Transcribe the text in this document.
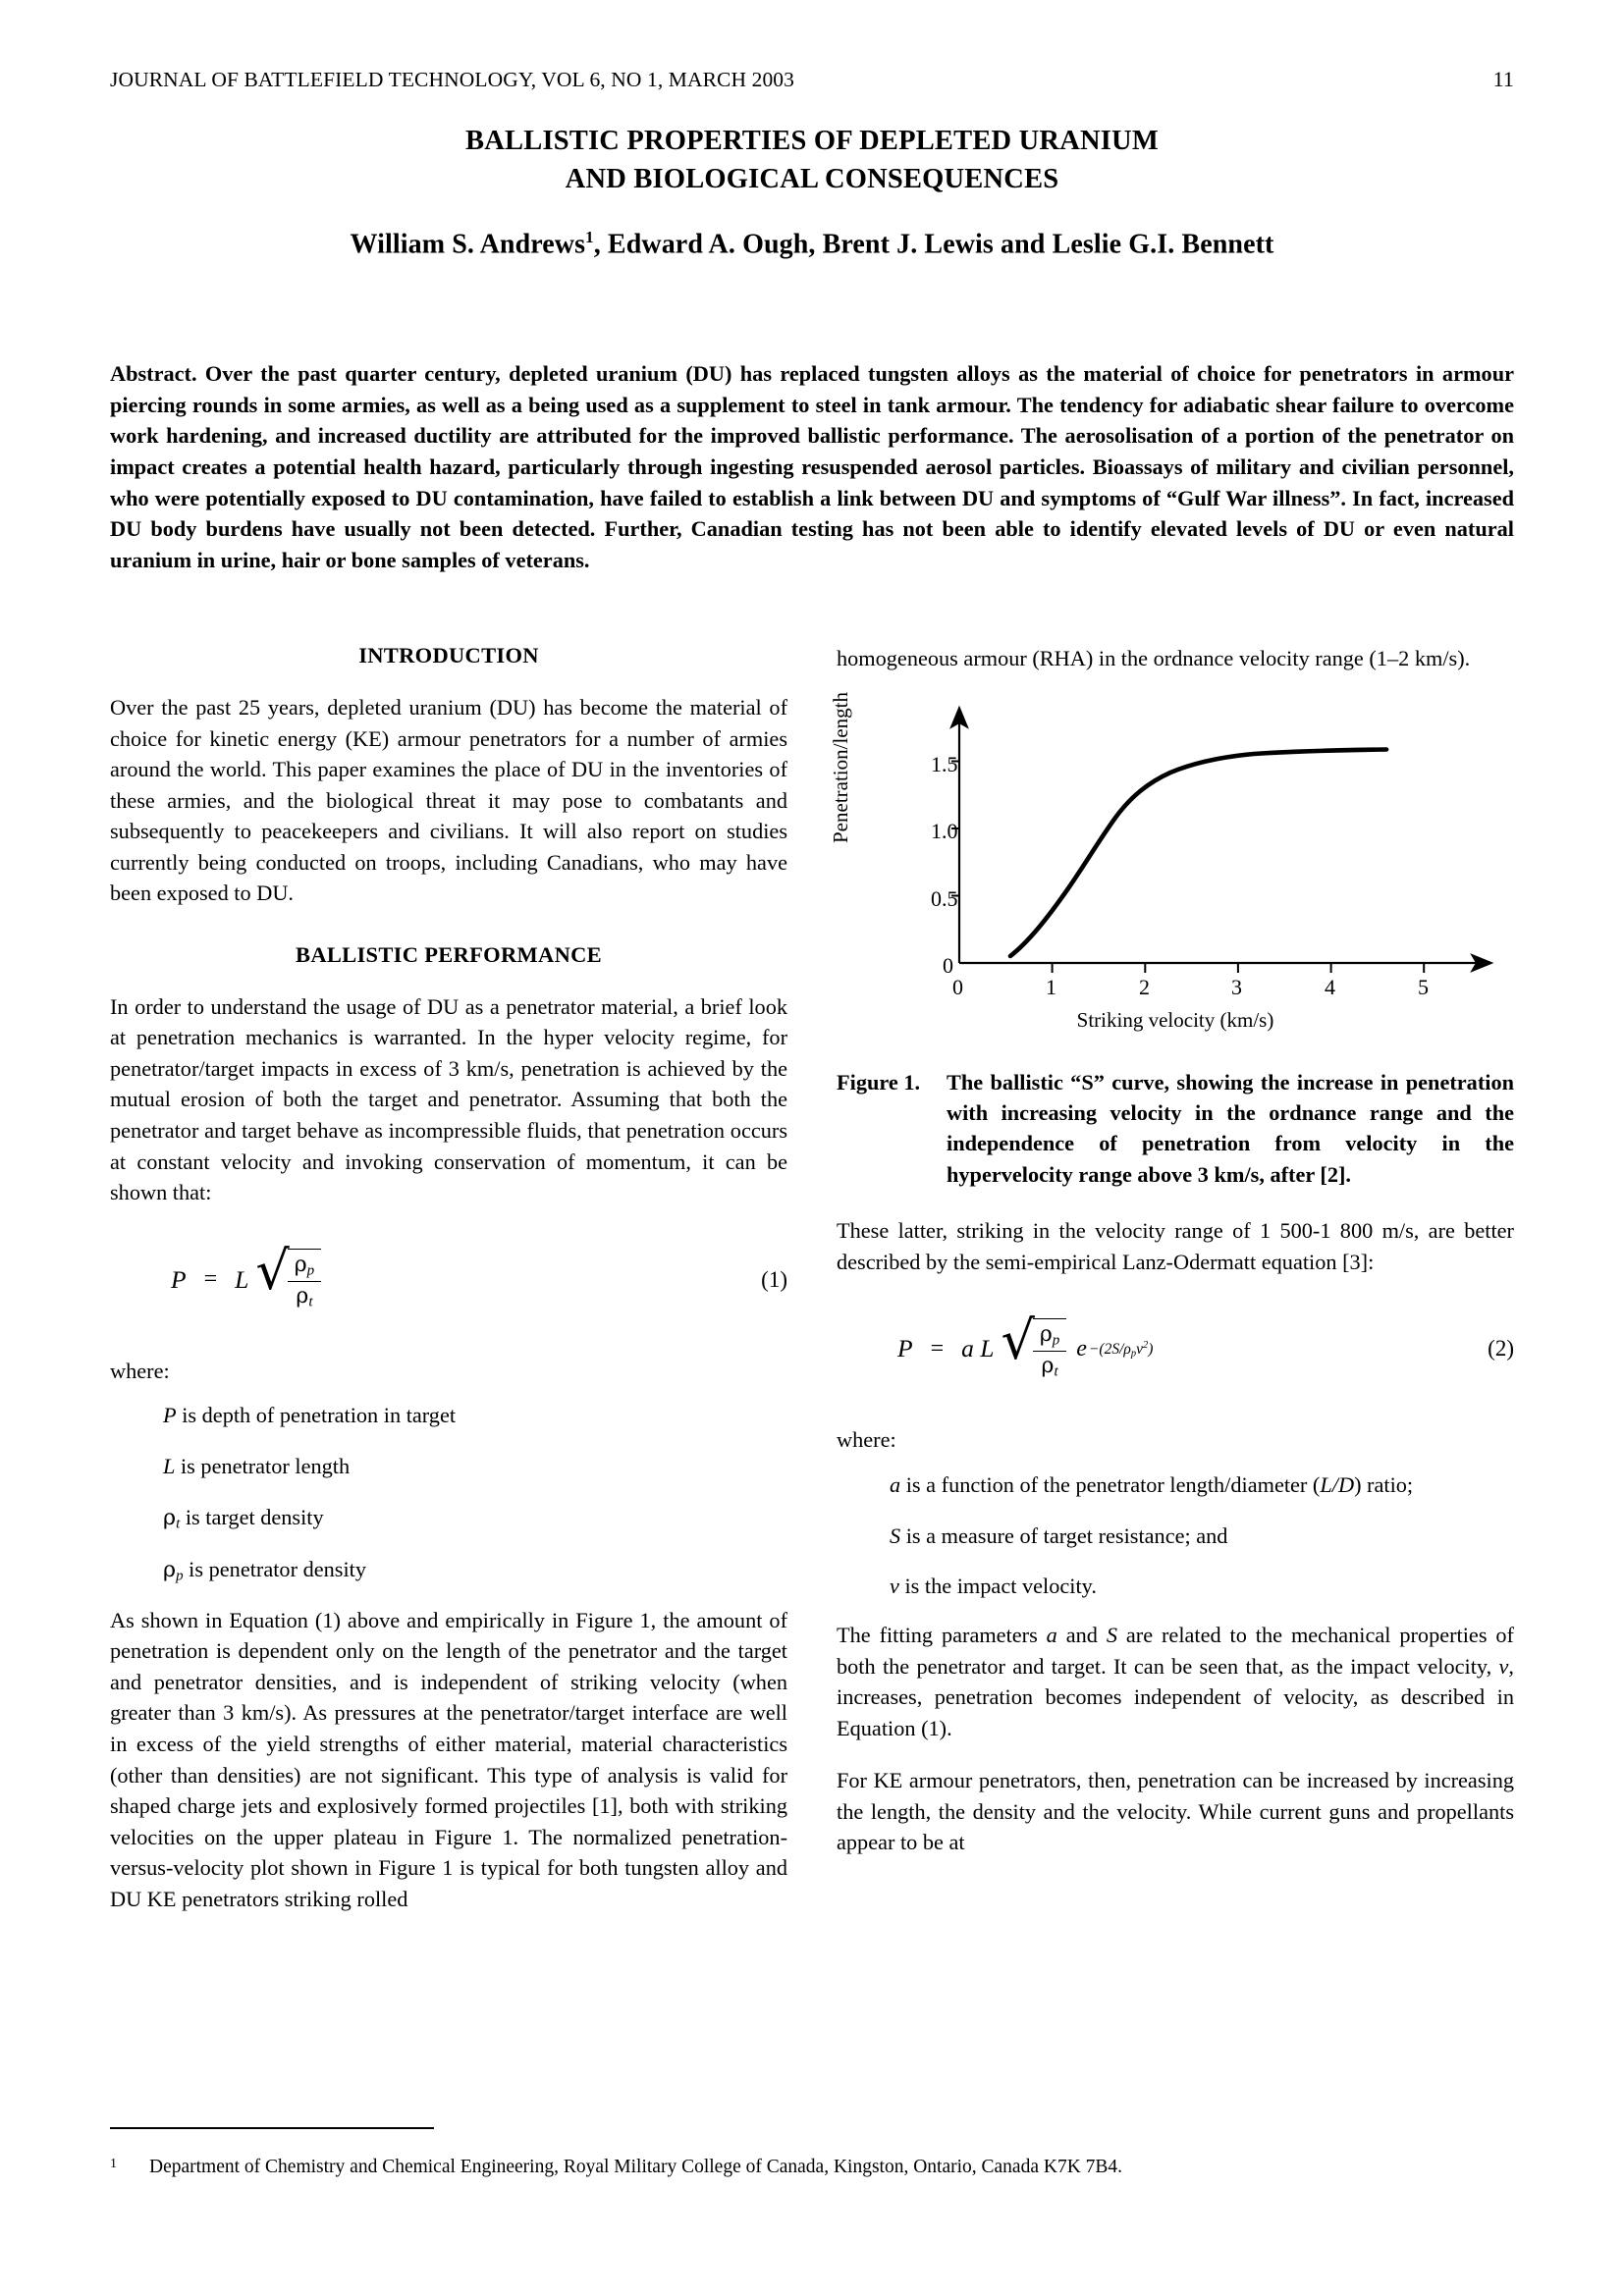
JOURNAL OF BATTLEFIELD TECHNOLOGY, VOL 6, NO 1, MARCH 2003	11
BALLISTIC PROPERTIES OF DEPLETED URANIUM
AND BIOLOGICAL CONSEQUENCES
William S. Andrews$^1$, Edward A. Ough, Brent J. Lewis and Leslie G.I. Bennett
Abstract. Over the past quarter century, depleted uranium (DU) has replaced tungsten alloys as the material of choice for penetrators in armour piercing rounds in some armies, as well as a being used as a supplement to steel in tank armour. The tendency for adiabatic shear failure to overcome work hardening, and increased ductility are attributed for the improved ballistic performance. The aerosolisation of a portion of the penetrator on impact creates a potential health hazard, particularly through ingesting resuspended aerosol particles. Bioassays of military and civilian personnel, who were potentially exposed to DU contamination, have failed to establish a link between DU and symptoms of “Gulf War illness”. In fact, increased DU body burdens have usually not been detected. Further, Canadian testing has not been able to identify elevated levels of DU or even natural uranium in urine, hair or bone samples of veterans.
INTRODUCTION

Over the past 25 years, depleted uranium (DU) has become the material of choice for kinetic energy (KE) armour penetrators for a number of armies around the world. This paper examines the place of DU in the inventories of these armies, and the biological threat it may pose to combatants and subsequently to peacekeepers and civilians. It will also report on studies currently being conducted on troops, including Canadians, who may have been exposed to DU.

BALLISTIC PERFORMANCE

In order to understand the usage of DU as a penetrator material, a brief look at penetration mechanics is warranted. In the hyper velocity regime, for penetrator/target impacts in excess of 3 km/s, penetration is achieved by the mutual erosion of both the target and penetrator. Assuming that both the penetrator and target behave as incompressible fluids, that penetration occurs at constant velocity and invoking conservation of momentum, it can be shown that:

P = L √
$\frac{\rho_p}{\rho_t}$	(1)
where:
P is depth of penetration in target
L is penetrator length
$\rho_t$ is target density
$\rho_p$ is penetrator density

As shown in Equation (1) above and empirically in Figure 1, the amount of penetration is dependent only on the length of the penetrator and the target and penetrator densities, and is independent of striking velocity (when greater than 3 km/s). As pressures at the penetrator/target interface are well in excess of the yield strengths of either material, material characteristics (other than densities) are not significant. This type of analysis is valid for shaped charge jets and explosively formed projectiles [1], both with striking velocities on the upper plateau in Figure 1. The normalized penetration-versus-velocity plot shown in Figure 1 is typical for both tungsten alloy and DU KE penetrators striking rolled

homogeneous armour (RHA) in the ordnance velocity range (1–2 km/s).

Penetration/length	1.5
1.0
0.5
0
0	1	2	3	4	5
Striking velocity (km/s)
Figure 1.	The ballistic “S” curve, showing the increase in penetration with increasing velocity in the ordnance range and the independence of penetration from velocity in the hypervelocity range above 3 km/s, after [2].

These latter, striking in the velocity range of 1 500-1 800 m/s, are better described by the semi-empirical Lanz-Odermatt equation [3]:

P = a L √
$\frac{\rho_p}{\rho_t}$ e −(2S/ρpv$^2$)	(2)
where:
a is a function of the penetrator length/diameter (L/D) ratio;
S is a measure of target resistance; and
v is the impact velocity.

The fitting parameters a and S are related to the mechanical properties of both the penetrator and target. It can be seen that, as the impact velocity, v, increases, penetration becomes independent of velocity, as described in Equation (1).

For KE armour penetrators, then, penetration can be increased by increasing the length, the density and the velocity. While current guns and propellants appear to be at

1	Department of Chemistry and Chemical Engineering, Royal Military College of Canada, Kingston, Ontario, Canada K7K 7B4.
